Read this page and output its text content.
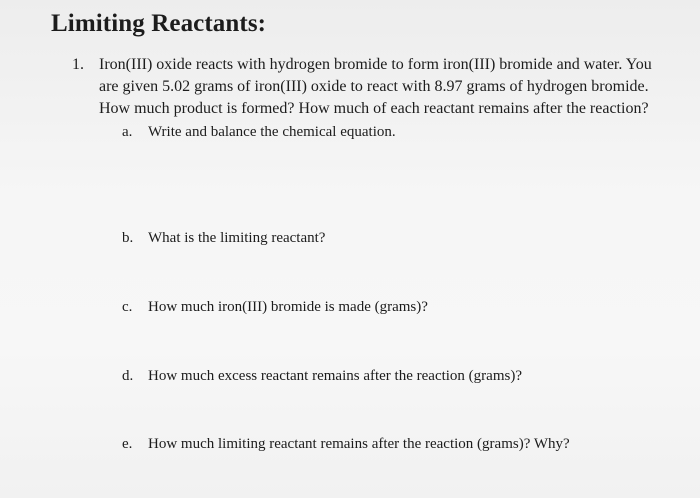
Limiting Reactants:
1. Iron(III) oxide reacts with hydrogen bromide to form iron(III) bromide and water. You
are given 5.02 grams of iron(III) oxide to react with 8.97 grams of hydrogen bromide.
How much product is formed? How much of each reactant remains after the reaction?
a. Write and balance the chemical equation.
b. What is the limiting reactant?
c. How much iron(III) bromide is made (grams)?
d. How much excess reactant remains after the reaction (grams)?
e. How much limiting reactant remains after the reaction (grams)? Why?
